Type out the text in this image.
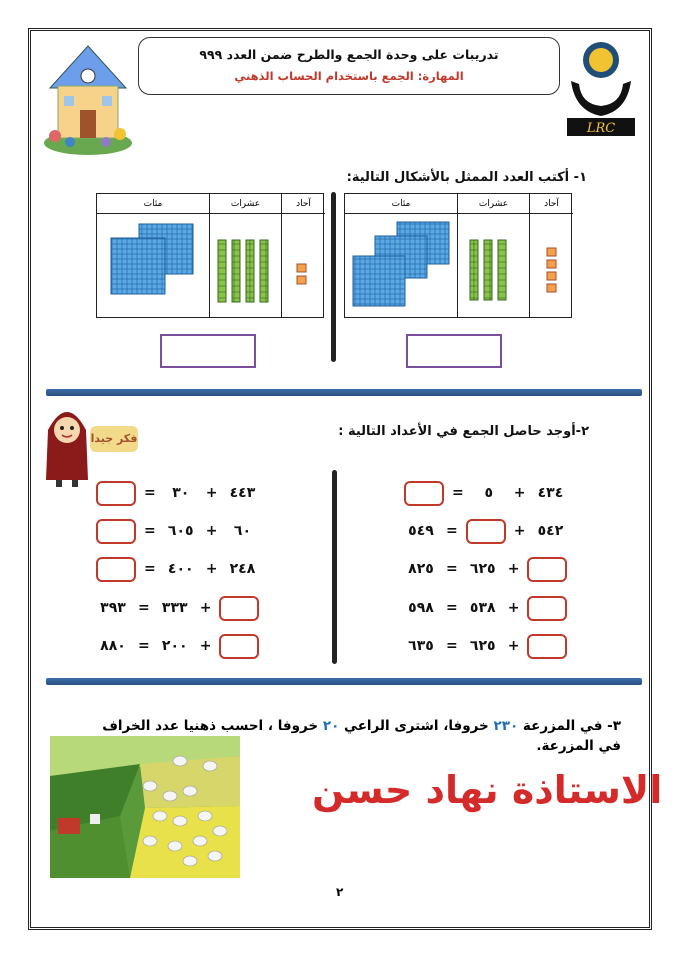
LRC
تدريبات على وحدة الجمع والطرح ضمن العدد ٩٩٩
المهارة: الجمع باستخدام الحساب الذهني
١- أكتب العدد الممثل بالأشكال التالية:
مئات	عشرات	آحاد
مئات	عشرات	آحاد
فكر جيدا	٢-أوجد حاصل الجمع في الأعداد التالية :
=	٥	+ ٤٣٤
٥٤٩ =	+ ٥٤٢
٨٢٥ = ٦٢٥ +
٥٩٨ = ٥٣٨ +
٦٣٥ = ٦٢٥ +
=	٣٠	+ ٤٤٣
= ٦٠٥ +	٦٠
= ٤٠٠ + ٢٤٨
٣٩٣ = ٣٣٣ +
٨٨٠ = ٢٠٠ +
٣- في المزرعة ٢٣٠ خروفا، اشترى الراعي ٢٠ خروفا ، احسب ذهنيا عدد الخراف في المزرعة.
الاستاذة نهاد حسن
٢
